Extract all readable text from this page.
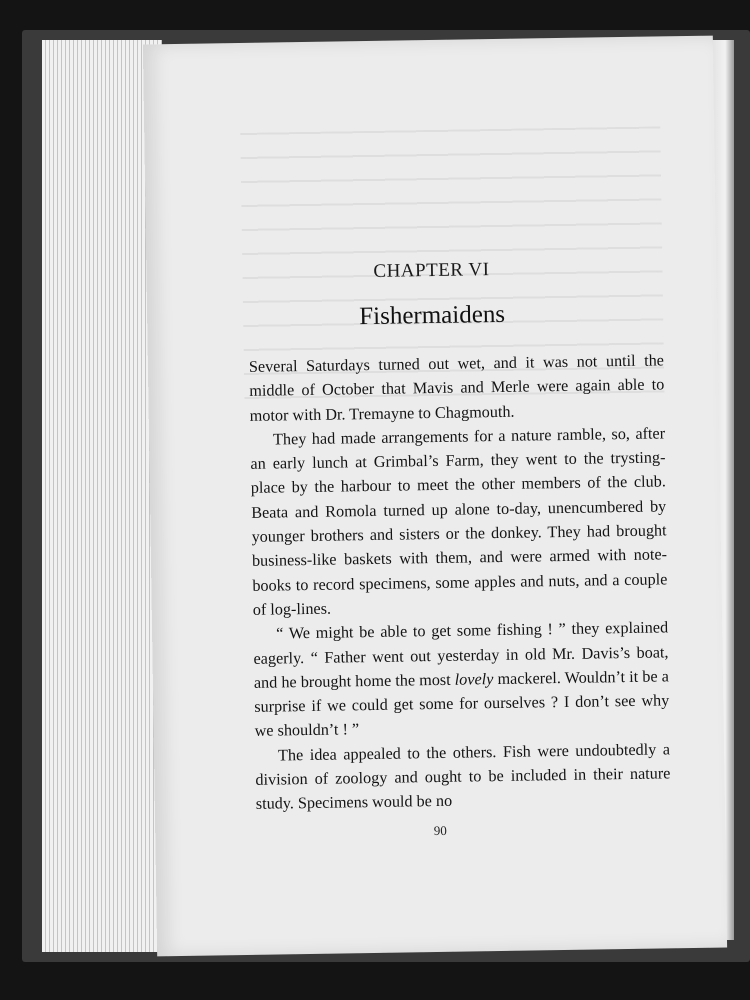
CHAPTER VI
Fishermaidens

Several Saturdays turned out wet, and it was not until the middle of October that Mavis and Merle were again able to motor with Dr. Tremayne to Chagmouth.

They had made arrangements for a nature ramble, so, after an early lunch at Grimbal’s Farm, they went to the trysting-place by the harbour to meet the other members of the club. Beata and Romola turned up alone to-day, unencumbered by younger brothers and sisters or the donkey. They had brought business-like baskets with them, and were armed with note-books to record specimens, some apples and nuts, and a couple of log-lines.

“ We might be able to get some fishing ! ” they explained eagerly. “ Father went out yesterday in old Mr. Davis’s boat, and he brought home the most lovely mackerel. Wouldn’t it be a surprise if we could get some for ourselves ? I don’t see why we shouldn’t ! ”

The idea appealed to the others. Fish were undoubtedly a division of zoology and ought to be included in their nature study. Specimens would be no

90
